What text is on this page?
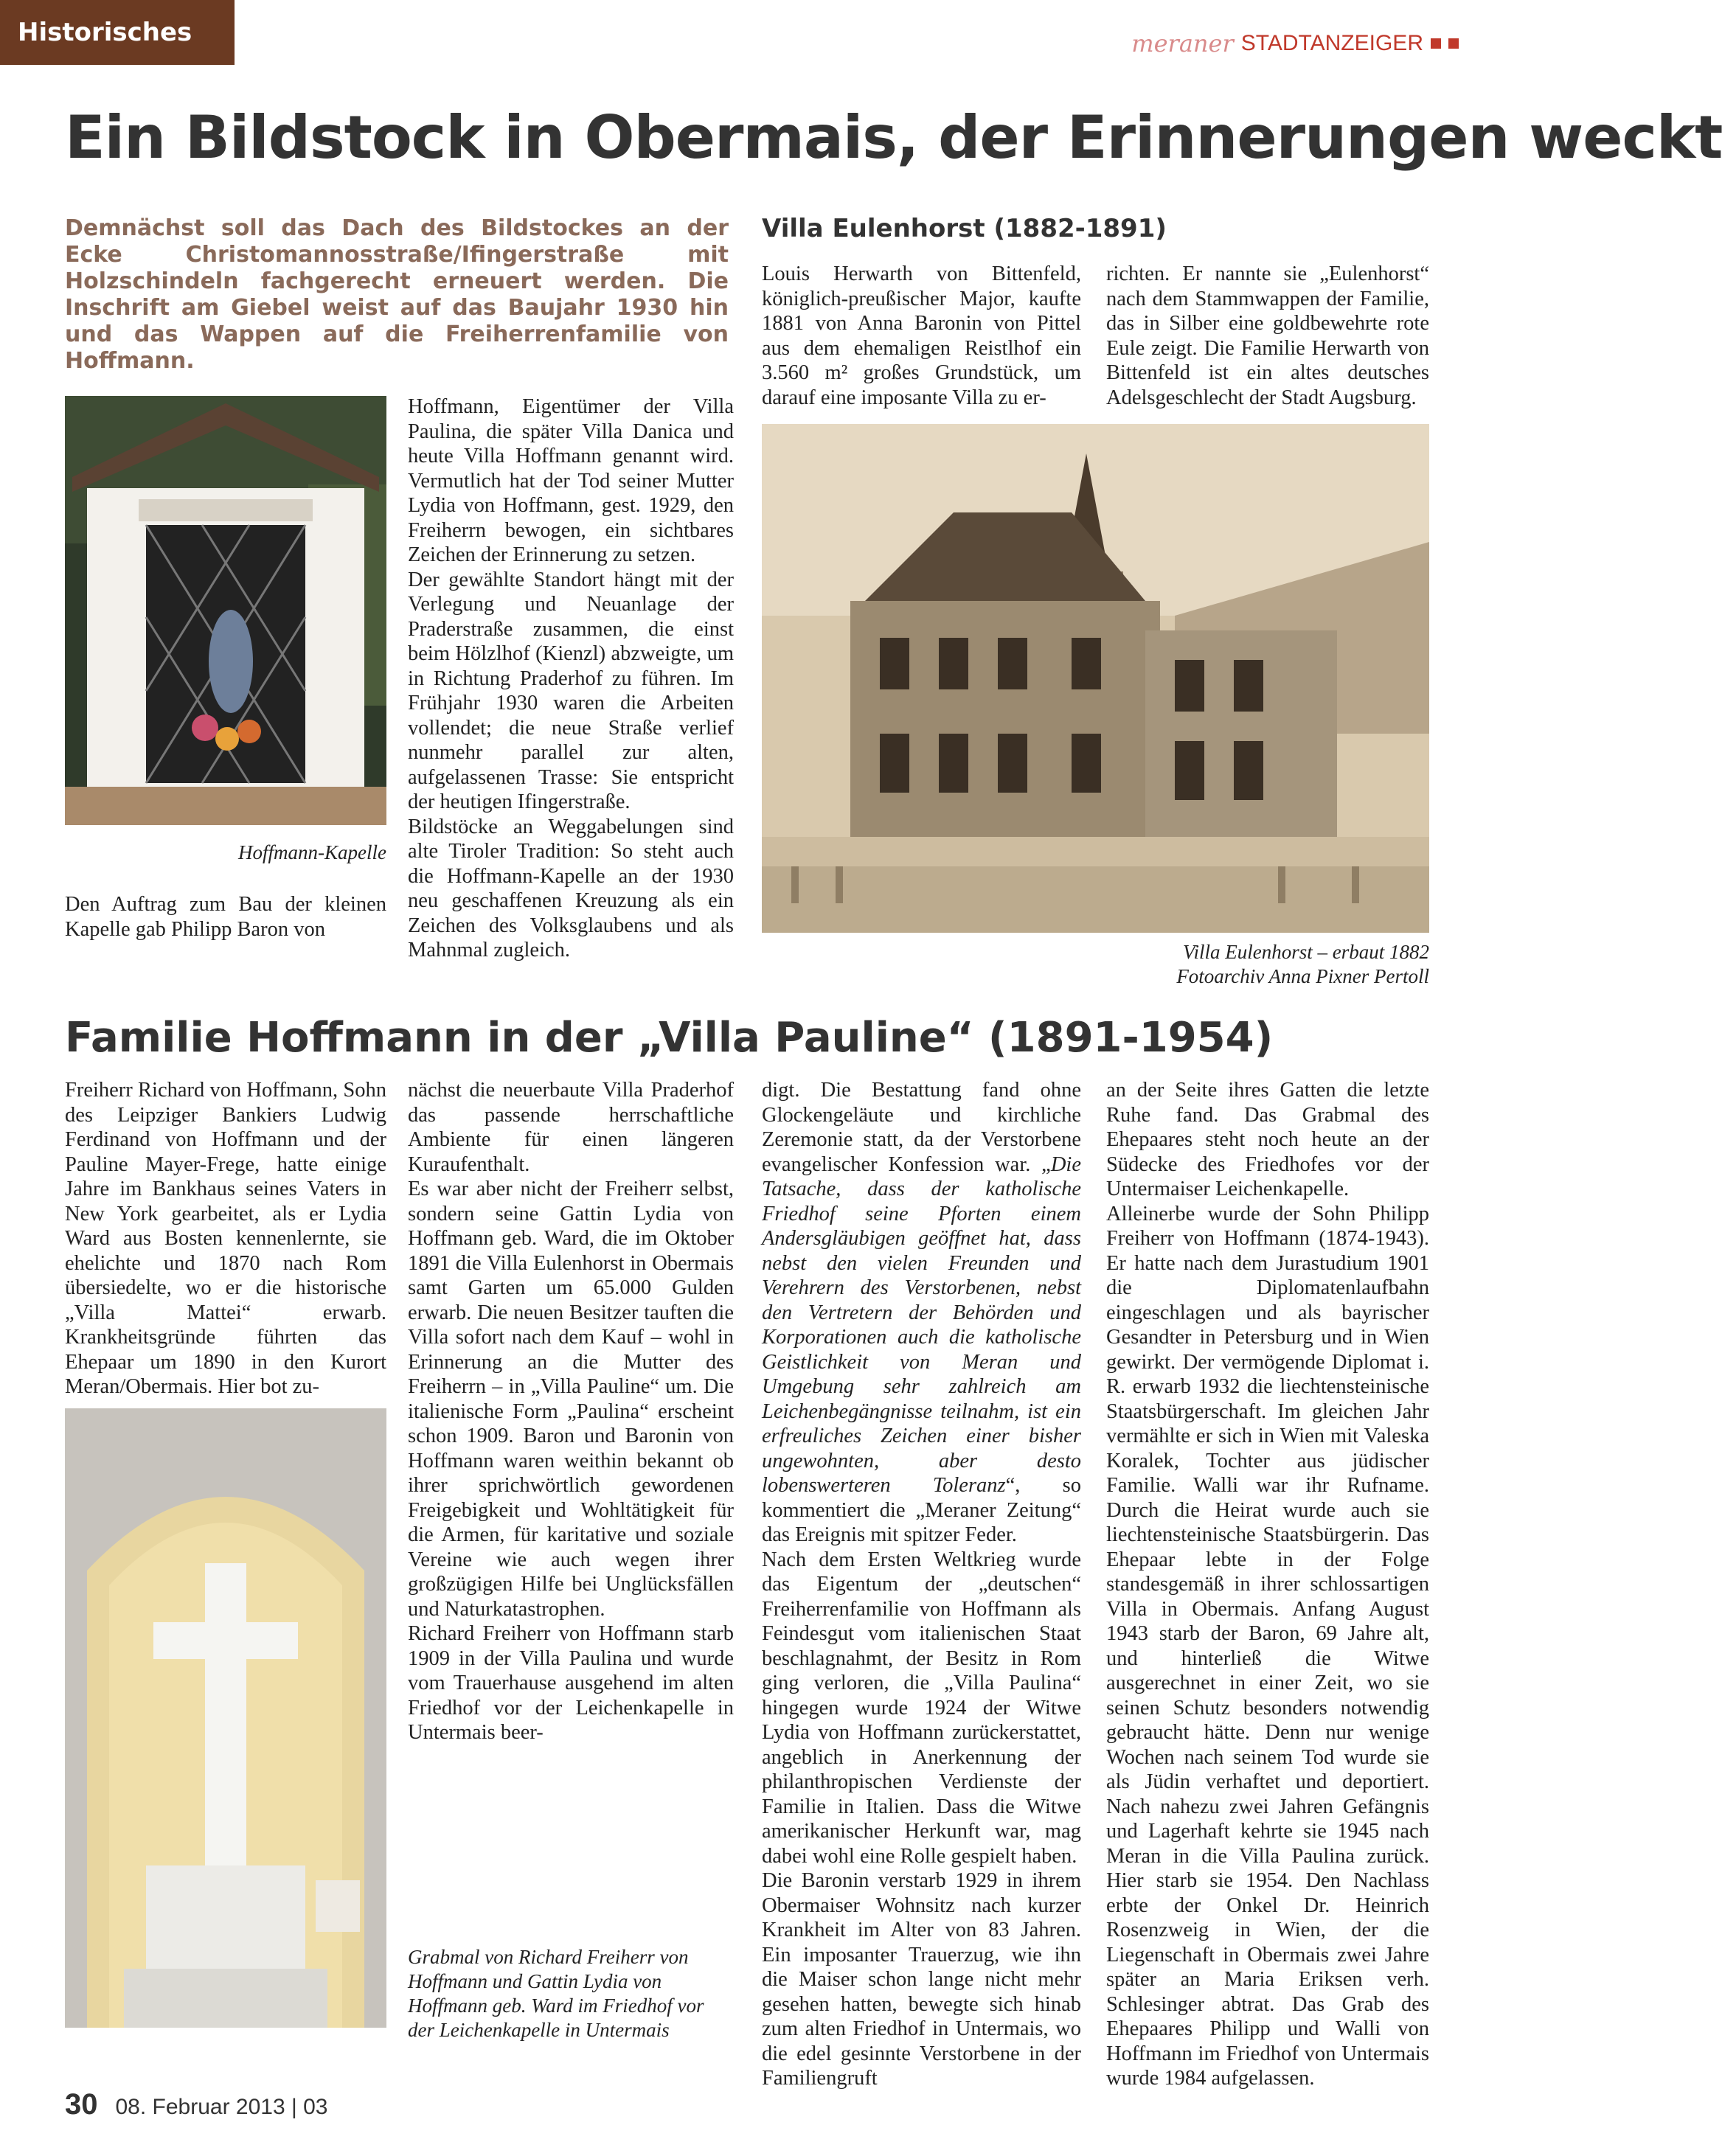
Historisches	meraner STADTANZEIGER
Ein Bildstock in Obermais, der Erinnerungen weckt
Demnächst soll das Dach des Bildstockes an der Ecke Christomannosstraße/Ifingerstraße mit Holzschindeln fachgerecht erneuert werden. Die Inschrift am Giebel weist auf das Baujahr 1930 hin und das Wappen auf die Freiherrenfamilie von Hoffmann.
Hoffmann-Kapelle
Den Auftrag zum Bau der kleinen Kapelle gab Philipp Baron von
Hoffmann, Eigentümer der Villa Paulina, die später Villa Danica und heute Villa Hoffmann genannt wird. Vermutlich hat der Tod seiner Mutter Lydia von Hoffmann, gest. 1929, den Freiherrn bewogen, ein sichtbares Zeichen der Erinnerung zu setzen.
Der gewählte Standort hängt mit der Verlegung und Neuanlage der Praderstraße zusammen, die einst beim Hölzlhof (Kienzl) abzweigte, um in Richtung Praderhof zu führen. Im Frühjahr 1930 waren die Arbeiten vollendet; die neue Straße verlief nunmehr parallel zur alten, aufgelassenen Trasse: Sie entspricht der heutigen Ifingerstraße.
Bildstöcke an Weggabelungen sind alte Tiroler Tradition: So steht auch die Hoffmann-Kapelle an der 1930 neu geschaffenen Kreuzung als ein Zeichen des Volksglaubens und als Mahnmal zugleich.
Villa Eulenhorst (1882-1891)
Louis Herwarth von Bittenfeld, königlich-preußischer Major, kaufte 1881 von Anna Baronin von Pittel aus dem ehemaligen Reistlhof ein 3.560 m² großes Grundstück, um darauf eine imposante Villa zu er-
richten. Er nannte sie „Eulenhorst“ nach dem Stammwappen der Familie, das in Silber eine goldbewehrte rote Eule zeigt. Die Familie Herwarth von Bittenfeld ist ein altes deutsches Adelsgeschlecht der Stadt Augsburg.
Villa Eulenhorst – erbaut 1882
Fotoarchiv Anna Pixner Pertoll
Familie Hoffmann in der „Villa Pauline“ (1891-1954)
Freiherr Richard von Hoffmann, Sohn des Leipziger Bankiers Ludwig Ferdinand von Hoffmann und der Pauline Mayer-Frege, hatte einige Jahre im Bankhaus seines Vaters in New York gearbeitet, als er Lydia Ward aus Bosten kennenlernte, sie ehelichte und 1870 nach Rom übersiedelte, wo er die historische „Villa Mattei“ erwarb. Krankheitsgründe führten das Ehepaar um 1890 in den Kurort Meran/Obermais. Hier bot zu-
nächst die neuerbaute Villa Praderhof das passende herrschaftliche Ambiente für einen längeren Kuraufenthalt.
Es war aber nicht der Freiherr selbst, sondern seine Gattin Lydia von Hoffmann geb. Ward, die im Oktober 1891 die Villa Eulenhorst in Obermais samt Garten um 65.000 Gulden erwarb. Die neuen Besitzer tauften die Villa sofort nach dem Kauf – wohl in Erinnerung an die Mutter des Freiherrn – in „Villa Pauline“ um. Die italienische Form „Paulina“ erscheint schon 1909. Baron und Baronin von Hoffmann waren weithin bekannt ob ihrer sprichwörtlich gewordenen Freigebigkeit und Wohltätigkeit für die Armen, für karitative und soziale Vereine wie auch wegen ihrer großzügigen Hilfe bei Unglücksfällen und Naturkatastrophen.
Richard Freiherr von Hoffmann starb 1909 in der Villa Paulina und wurde vom Trauerhause ausgehend im alten Friedhof vor der Leichenkapelle in Untermais beer-
digt. Die Bestattung fand ohne Glockengeläute und kirchliche Zeremonie statt, da der Verstorbene evangelischer Konfession war. „Die Tatsache, dass der katholische Friedhof seine Pforten einem Andersgläubigen geöffnet hat, dass nebst den vielen Freunden und Verehrern des Verstorbenen, nebst den Vertretern der Behörden und Korporationen auch die katholische Geistlichkeit von Meran und Umgebung sehr zahlreich am Leichenbegängnisse teilnahm, ist ein erfreuliches Zeichen einer bisher ungewohnten, aber desto lobenswerteren Toleranz“, so kommentiert die „Meraner Zeitung“ das Ereignis mit spitzer Feder.
Nach dem Ersten Weltkrieg wurde das Eigentum der „deutschen“ Freiherrenfamilie von Hoffmann als Feindesgut vom italienischen Staat beschlagnahmt, der Besitz in Rom ging verloren, die „Villa Paulina“ hingegen wurde 1924 der Witwe Lydia von Hoffmann zurückerstattet, angeblich in Anerkennung der philanthropischen Verdienste der Familie in Italien. Dass die Witwe amerikanischer Herkunft war, mag dabei wohl eine Rolle gespielt haben.
Die Baronin verstarb 1929 in ihrem Obermaiser Wohnsitz nach kurzer Krankheit im Alter von 83 Jahren. Ein imposanter Trauerzug, wie ihn die Maiser schon lange nicht mehr gesehen hatten, bewegte sich hinab zum alten Friedhof in Untermais, wo die edel gesinnte Verstorbene in der Familiengruft
an der Seite ihres Gatten die letzte Ruhe fand. Das Grabmal des Ehepaares steht noch heute an der Südecke des Friedhofes vor der Untermaiser Leichenkapelle.
Alleinerbe wurde der Sohn Philipp Freiherr von Hoffmann (1874-1943). Er hatte nach dem Jurastudium 1901 die Diplomatenlaufbahn eingeschlagen und als bayrischer Gesandter in Petersburg und in Wien gewirkt. Der vermögende Diplomat i. R. erwarb 1932 die liechtensteinische Staatsbürgerschaft. Im gleichen Jahr vermählte er sich in Wien mit Valeska Koralek, Tochter aus jüdischer Familie. Walli war ihr Rufname. Durch die Heirat wurde auch sie liechtensteinische Staatsbürgerin. Das Ehepaar lebte in der Folge standesgemäß in ihrer schlossartigen Villa in Obermais. Anfang August 1943 starb der Baron, 69 Jahre alt, und hinterließ die Witwe ausgerechnet in einer Zeit, wo sie seinen Schutz besonders notwendig gebraucht hätte. Denn nur wenige Wochen nach seinem Tod wurde sie als Jüdin verhaftet und deportiert. Nach nahezu zwei Jahren Gefängnis und Lagerhaft kehrte sie 1945 nach Meran in die Villa Paulina zurück. Hier starb sie 1954. Den Nachlass erbte der Onkel Dr. Heinrich Rosenzweig in Wien, der die Liegenschaft in Obermais zwei Jahre später an Maria Eriksen verh. Schlesinger abtrat. Das Grab des Ehepaares Philipp und Walli von Hoffmann im Friedhof von Untermais wurde 1984 aufgelassen.
Grabmal von Richard Freiherr von Hoffmann und Gattin Lydia von Hoffmann geb. Ward im Friedhof vor der Leichenkapelle in Untermais
30 08. Februar 2013 | 03
